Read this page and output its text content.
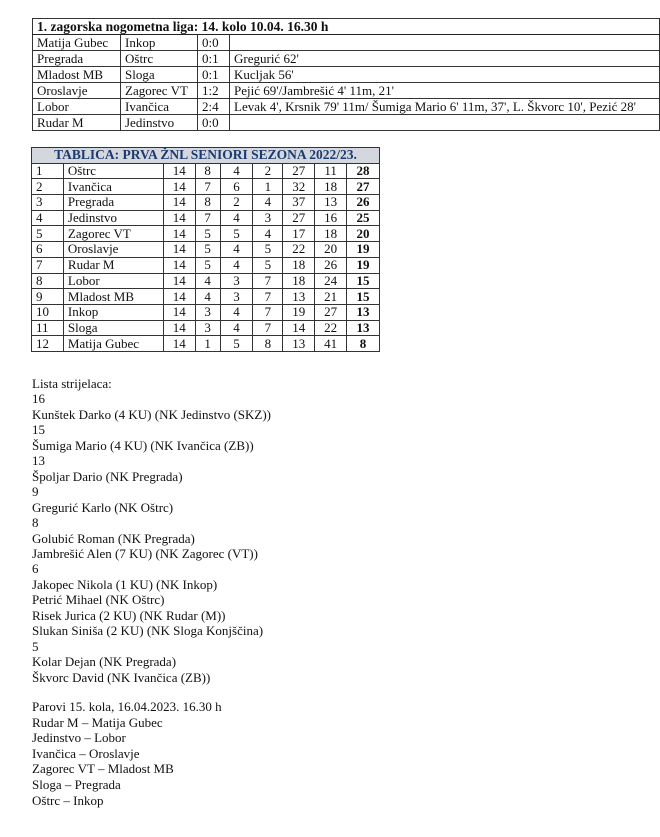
1. zagorska nogometna liga: 14. kolo 10.04. 16.30 h			
Matija Gubec	Inkop	0:0	
Pregrada	Oštrc	0:1	Gregurić 62'
Mladost MB	Sloga	0:1	Kucljak 56'
Oroslavje	Zagorec VT	1:2	Pejić 69'/Jambrešić 4' 11m, 21'
Lobor	Ivančica	2:4	Levak 4', Krsnik 79' 11m/ Šumiga Mario 6' 11m, 37', L. Škvorc 10', Pezić 28'
Rudar M	Jedinstvo	0:0	
TABLICA: PRVA ŽNL SENIORI SEZONA 2022/23.								
1	Oštrc	14	8	4	2	27	11	28
2	Ivančica	14	7	6	1	32	18	27
3	Pregrada	14	8	2	4	37	13	26
4	Jedinstvo	14	7	4	3	27	16	25
5	Zagorec VT	14	5	5	4	17	18	20
6	Oroslavje	14	5	4	5	22	20	19
7	Rudar M	14	5	4	5	18	26	19
8	Lobor	14	4	3	7	18	24	15
9	Mladost MB	14	4	3	7	13	21	15
10	Inkop	14	3	4	7	19	27	13
11	Sloga	14	3	4	7	14	22	13
12	Matija Gubec	14	1	5	8	13	41	8
Lista strijelaca:
16
Kunštek Darko (4 KU) (NK Jedinstvo (SKZ))
15
Šumiga Mario (4 KU) (NK Ivančica (ZB))
13
Špoljar Dario (NK Pregrada)
9
Gregurić Karlo (NK Oštrc)
8
Golubić Roman (NK Pregrada)
Jambrešić Alen (7 KU) (NK Zagorec (VT))
6
Jakopec Nikola (1 KU) (NK Inkop)
Petrić Mihael (NK Oštrc)
Risek Jurica (2 KU) (NK Rudar (M))
Slukan Siniša (2 KU) (NK Sloga Konjščina)
5
Kolar Dejan (NK Pregrada)
Škvorc David (NK Ivančica (ZB))
Parovi 15. kola, 16.04.2023. 16.30 h
Rudar M – Matija Gubec
Jedinstvo – Lobor
Ivančica – Oroslavje
Zagorec VT – Mladost MB
Sloga – Pregrada
Oštrc – Inkop
